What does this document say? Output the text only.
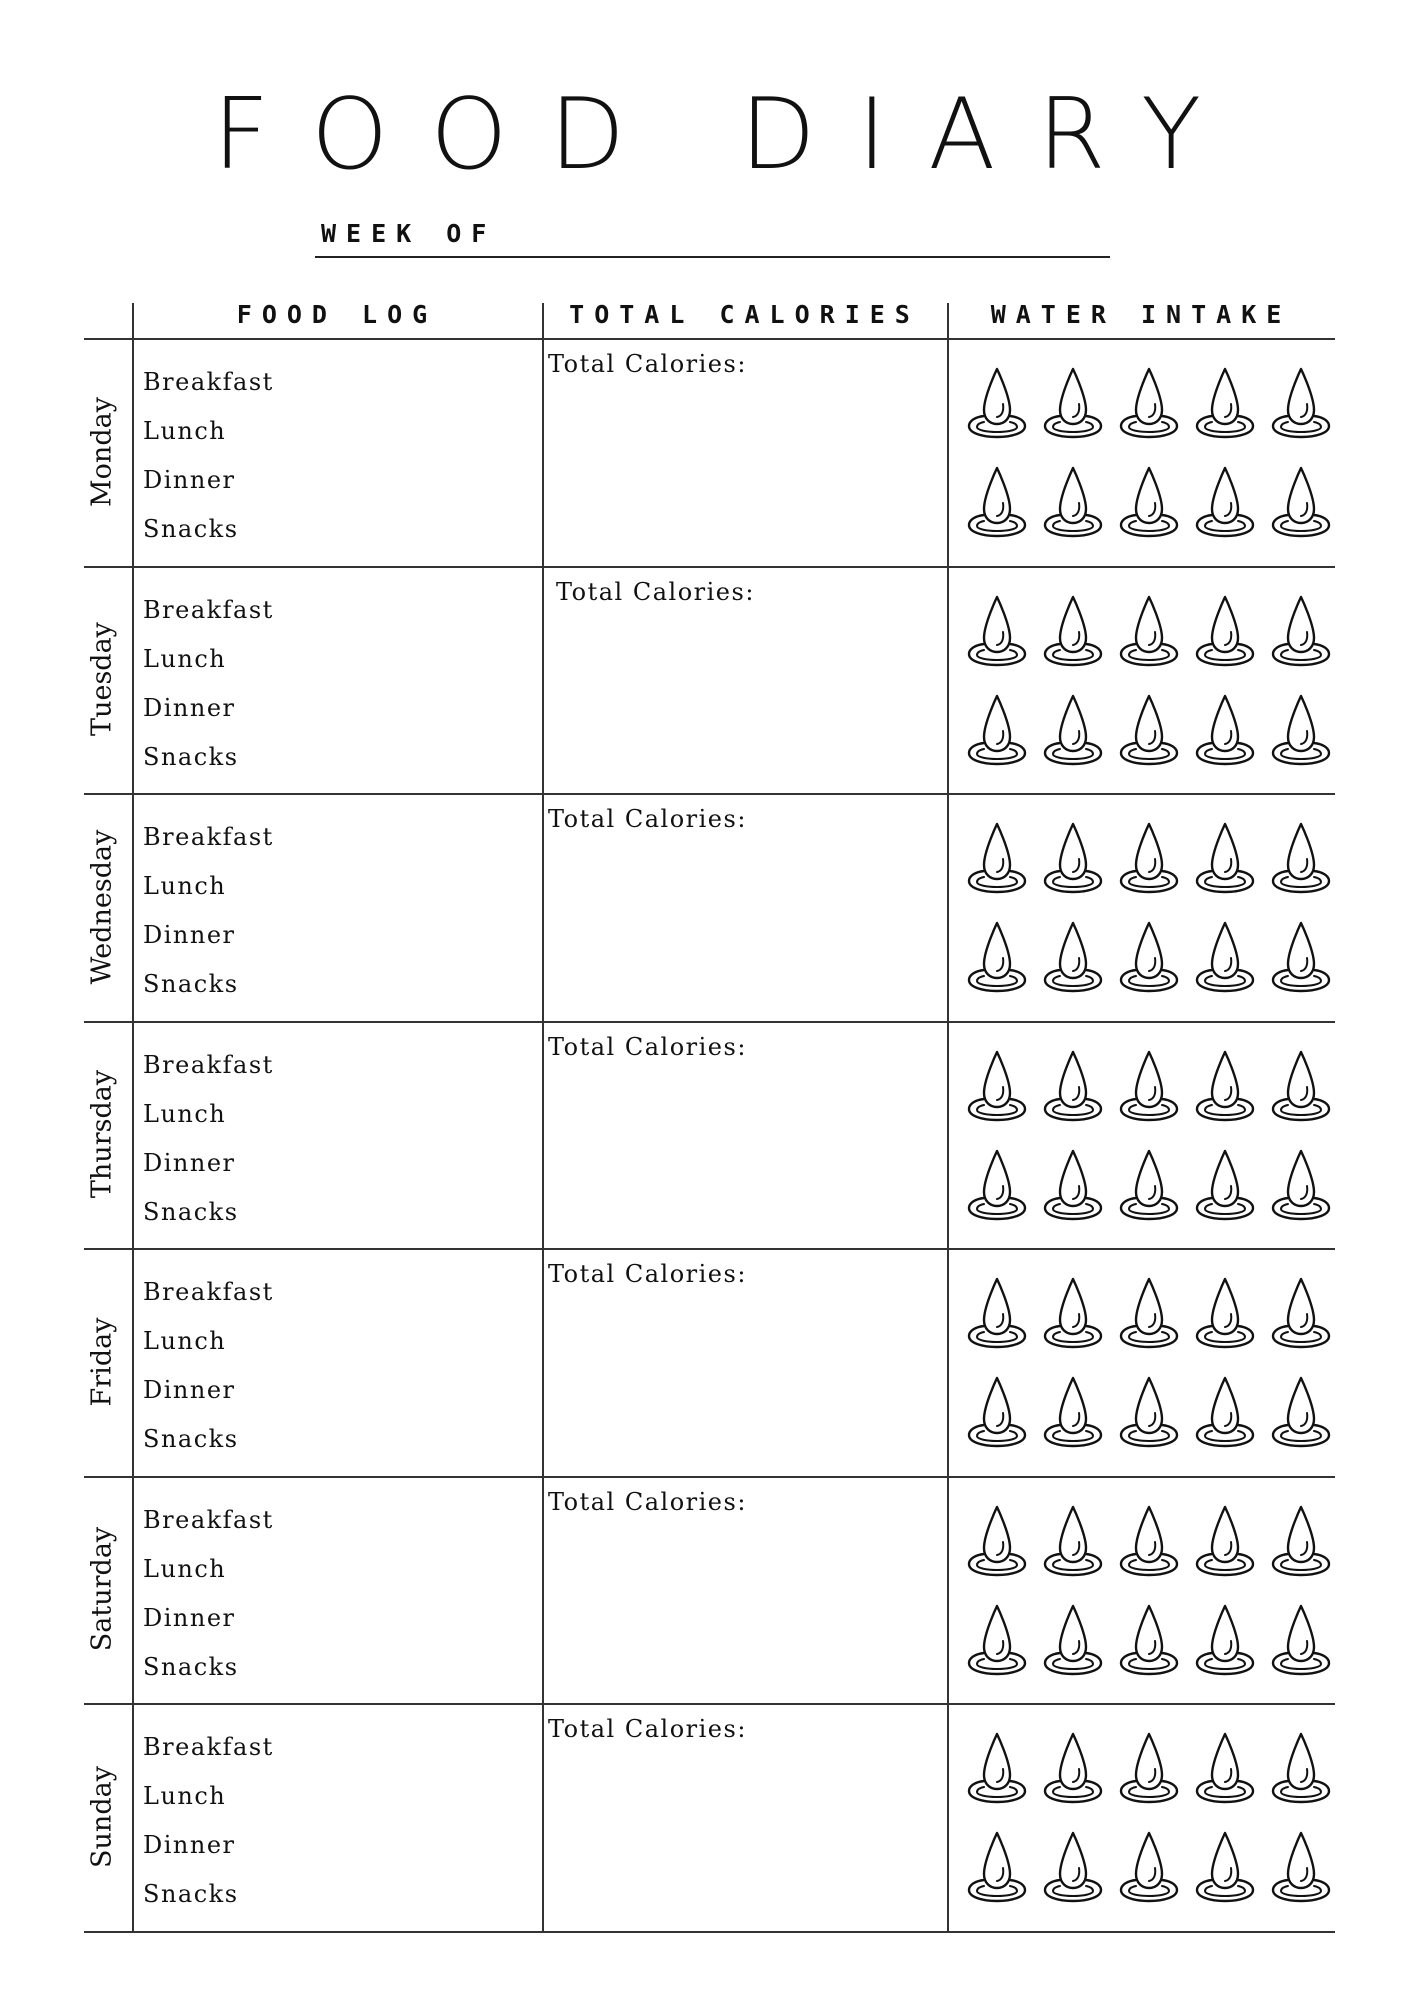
FOOD DIARY
WEEK OF
FOOD LOG	TOTAL CALORIES	WATER INTAKE
Monday
Breakfast
Lunch
Dinner
Snacks
Total Calories:
Tuesday
Breakfast
Lunch
Dinner
Snacks
Total Calories:
Wednesday Breakfast
Lunch
Dinner
Snacks
Total Calories:
Thursday
Breakfast
Lunch
Dinner
Snacks
Total Calories:
Friday
Breakfast
Lunch
Dinner
Snacks
Total Calories:
Saturday
Breakfast
Lunch
Dinner
Snacks
Total Calories:
Sunday
Breakfast
Lunch
Dinner
Snacks
Total Calories:
